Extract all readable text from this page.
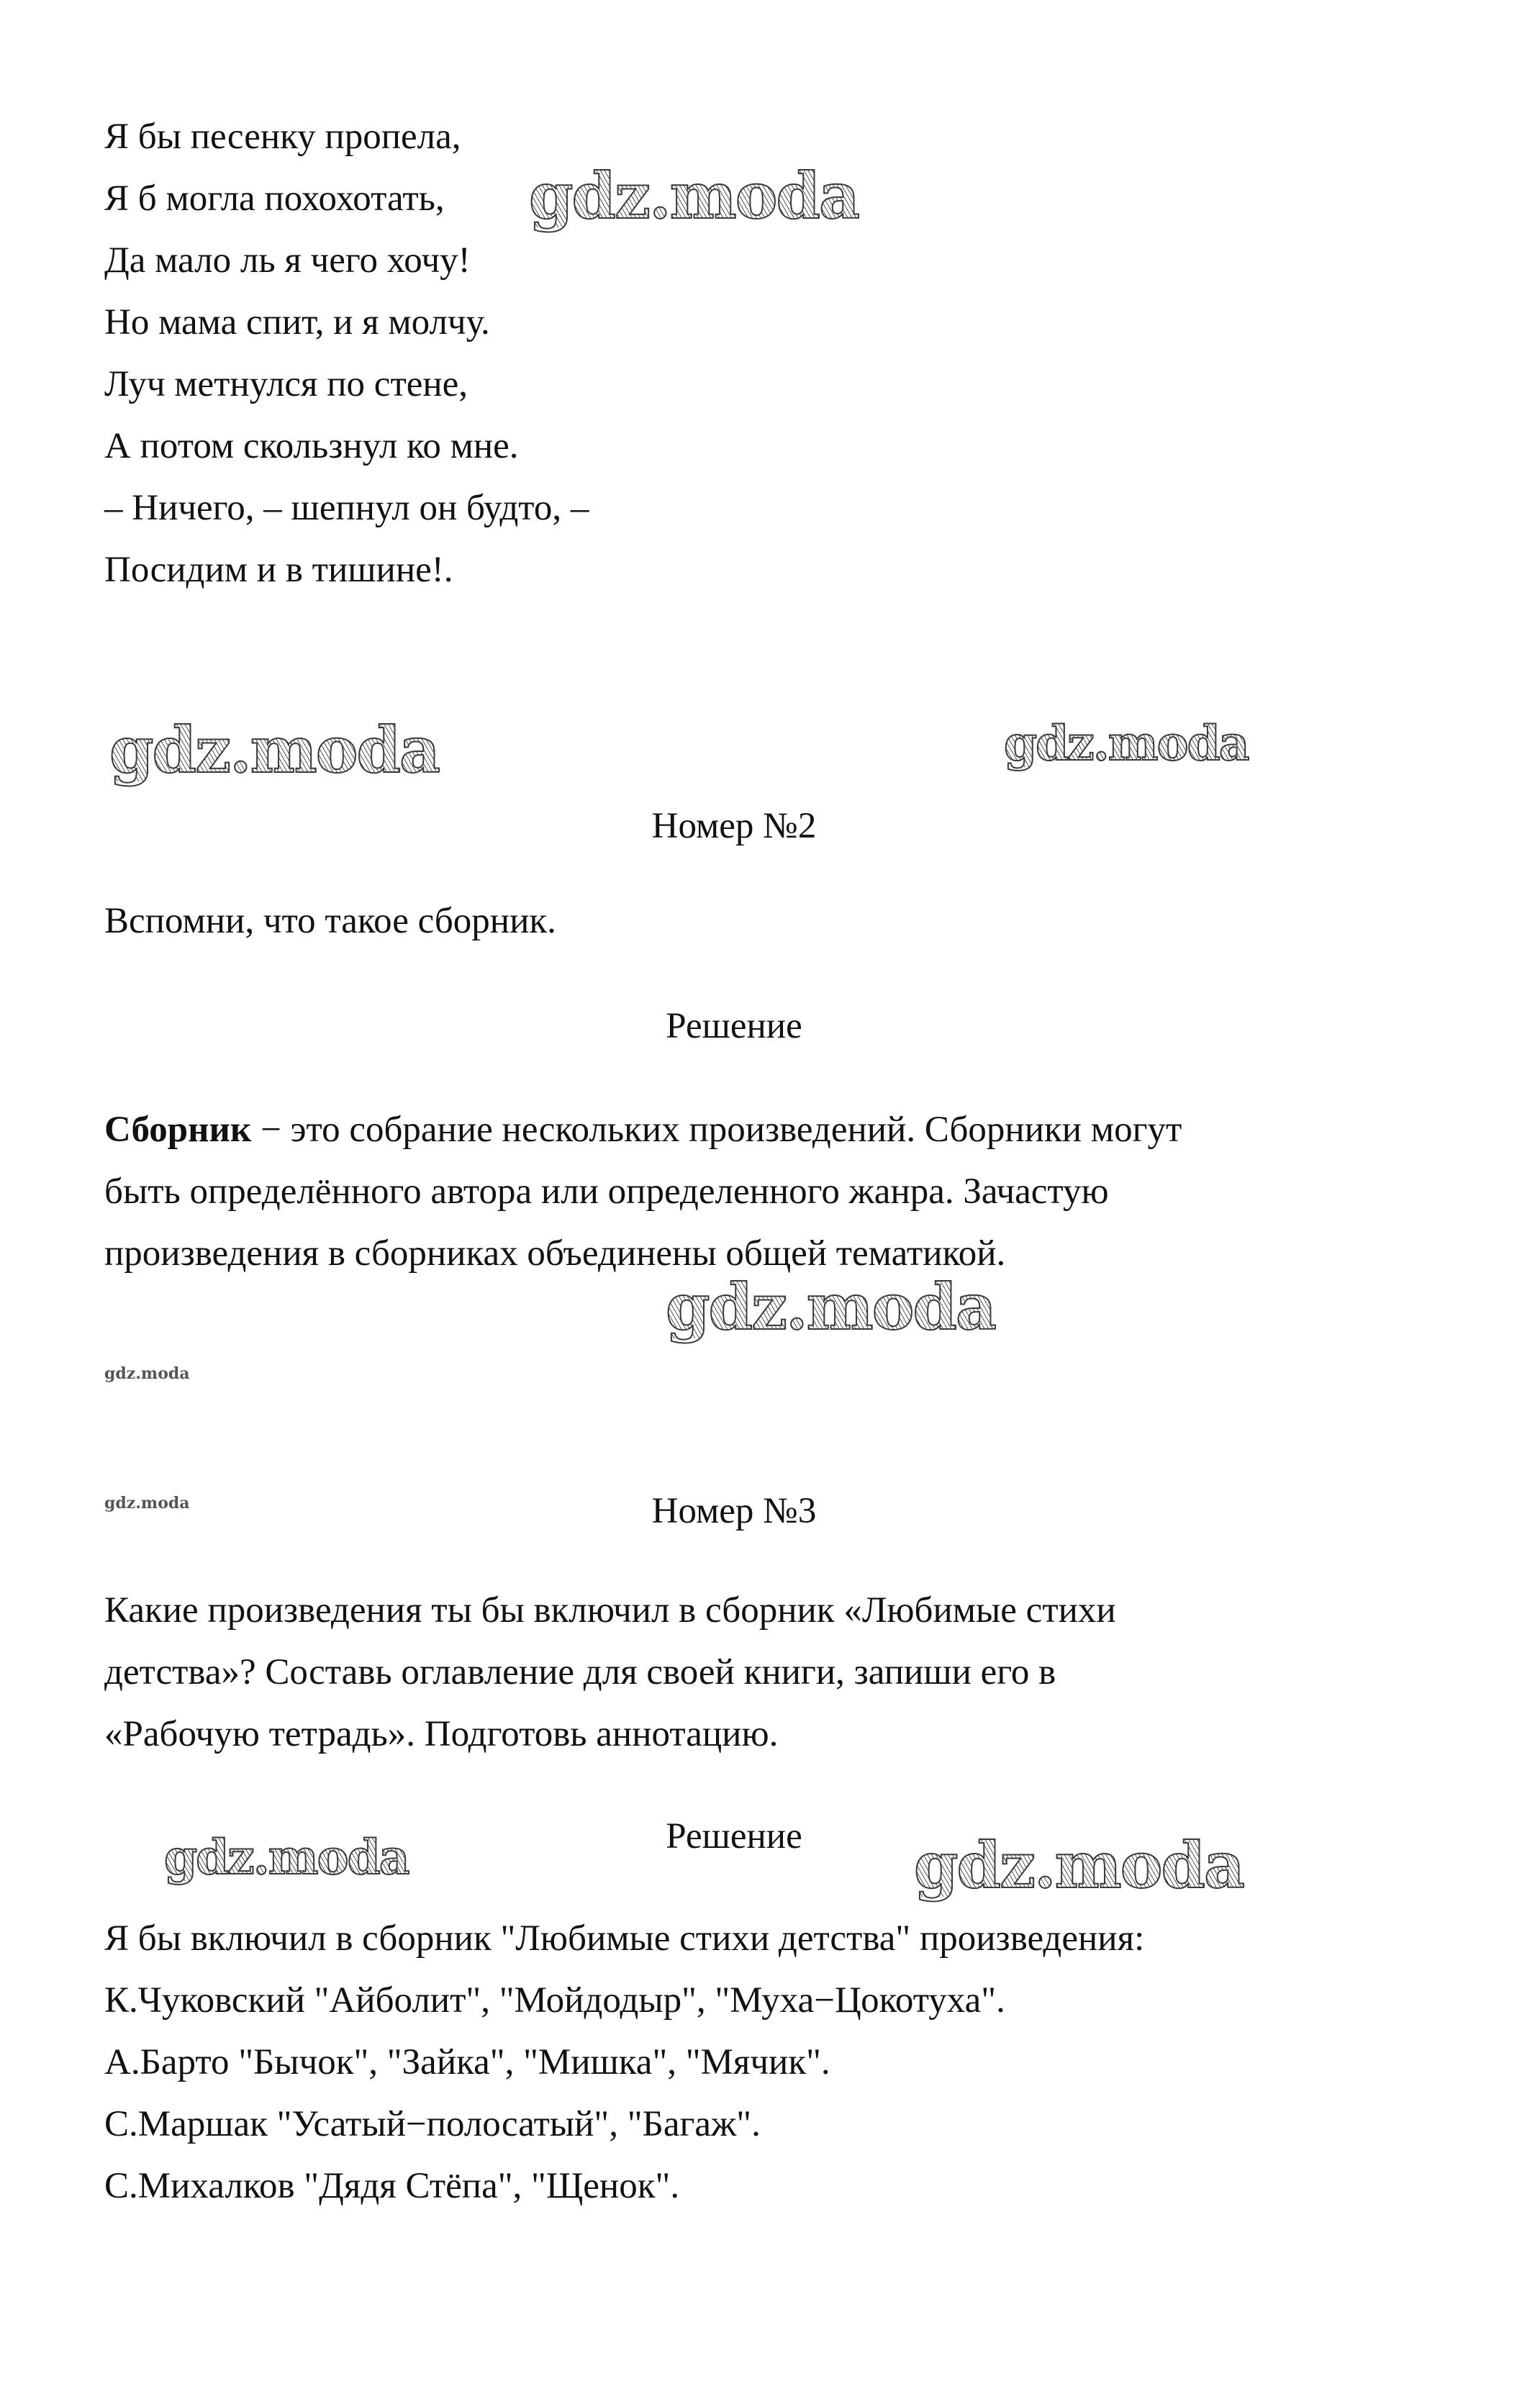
Я бы песенку пропела,
Я б могла похохотать,
Да мало ль я чего хочу!
Но мама спит, и я молчу.
Луч метнулся по стене,
А потом скользнул ко мне.
– Ничего, – шепнул он будто, –
Посидим и в тишине!.
Номер №2
Вспомни, что такое сборник.
Решение
Сборник − это собрание нескольких произведений. Сборники могут
быть определённого автора или определенного жанра. Зачастую
произведения в сборниках объединены общей тематикой.
Номер №3
Какие произведения ты бы включил в сборник «Любимые стихи
детства»? Составь оглавление для своей книги, запиши его в
«Рабочую тетрадь». Подготовь аннотацию.
Решение
Я бы включил в сборник "Любимые стихи детства" произведения:
К.Чуковский "Айболит", "Мойдодыр", "Муха−Цокотуха".
А.Барто "Бычок", "Зайка", "Мишка", "Мячик".
С.Маршак "Усатый−полосатый", "Багаж".
С.Михалков "Дядя Стёпа", "Щенок".
gdz.moda
gdz.moda	gdz.moda
gdz.moda
gdz.moda
gdz.moda
gdz.moda	gdz.moda
